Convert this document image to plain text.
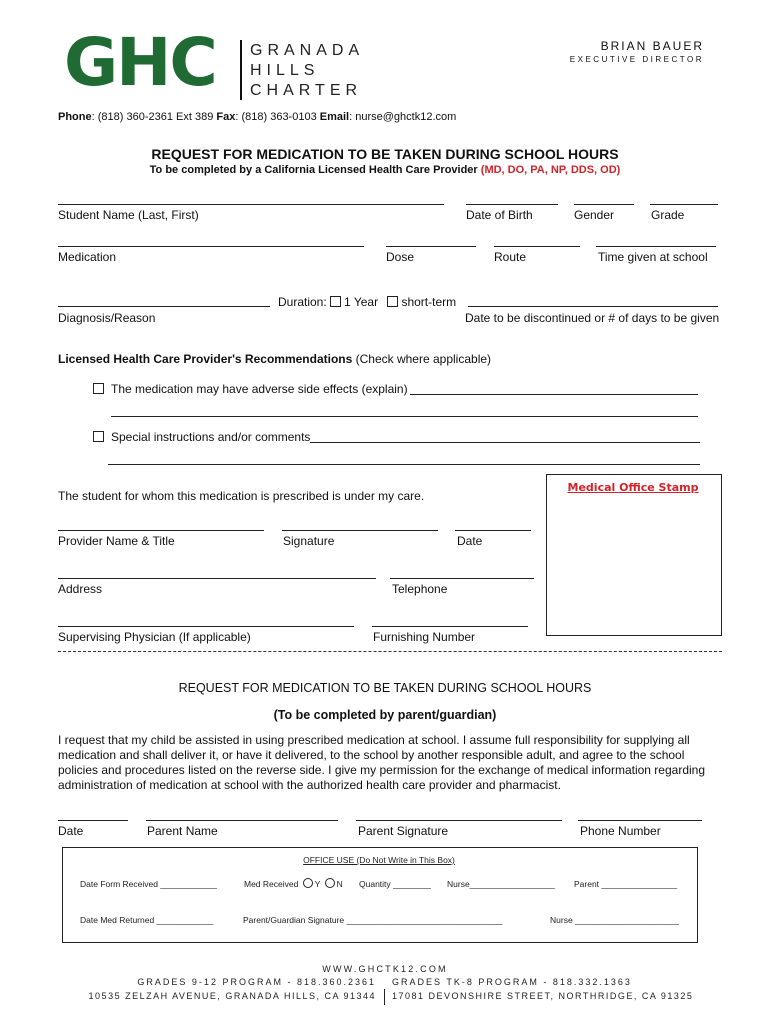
GHC GRANADA
HILLS
CHARTER
BRIAN BAUER
EXECUTIVE DIRECTOR
Phone: (818) 360-2361 Ext 389 Fax: (818) 363-0103 Email: nurse@ghctk12.com
REQUEST FOR MEDICATION TO BE TAKEN DURING SCHOOL HOURS
To be completed by a California Licensed Health Care Provider (MD, DO, PA, NP, DDS, OD)
Student Name (Last, First)	Date of Birth	Gender	Grade
Medication	Dose	Route	Time given at school
Duration: 1 Year short-term
Diagnosis/Reason	Date to be discontinued or # of days to be given
Licensed Health Care Provider's Recommendations (Check where applicable)
The medication may have adverse side effects (explain)
Special instructions and/or comments
Medical Office Stamp
The student for whom this medication is prescribed is under my care.
Provider Name & Title	Signature	Date
Address	Telephone
Supervising Physician (If applicable)	Furnishing Number
REQUEST FOR MEDICATION TO BE TAKEN DURING SCHOOL HOURS
(To be completed by parent/guardian)
I request that my child be assisted in using prescribed medication at school. I assume full responsibility for supplying all medication and shall deliver it, or have it delivered, to the school by another responsible adult, and agree to the school policies and procedures listed on the reverse side. I give my permission for the exchange of medical information regarding administration of medication at school with the authorized health care provider and pharmacist.
Date	Parent Name	Parent Signature	Phone Number
OFFICE USE (Do Not Write in This Box)
Date Form Received ____________	Med Received Y N Quantity ________ Nurse__________________ Parent ________________
Date Med Returned ____________	Parent/Guardian Signature _________________________________	Nurse ______________________
WWW.GHCTK12.COM
GRADES 9-12 PROGRAM - 818.360.2361 GRADES TK-8 PROGRAM - 818.332.1363
10535 ZELZAH AVENUE, GRANADA HILLS, CA 91344 17081 DEVONSHIRE STREET, NORTHRIDGE, CA 91325
